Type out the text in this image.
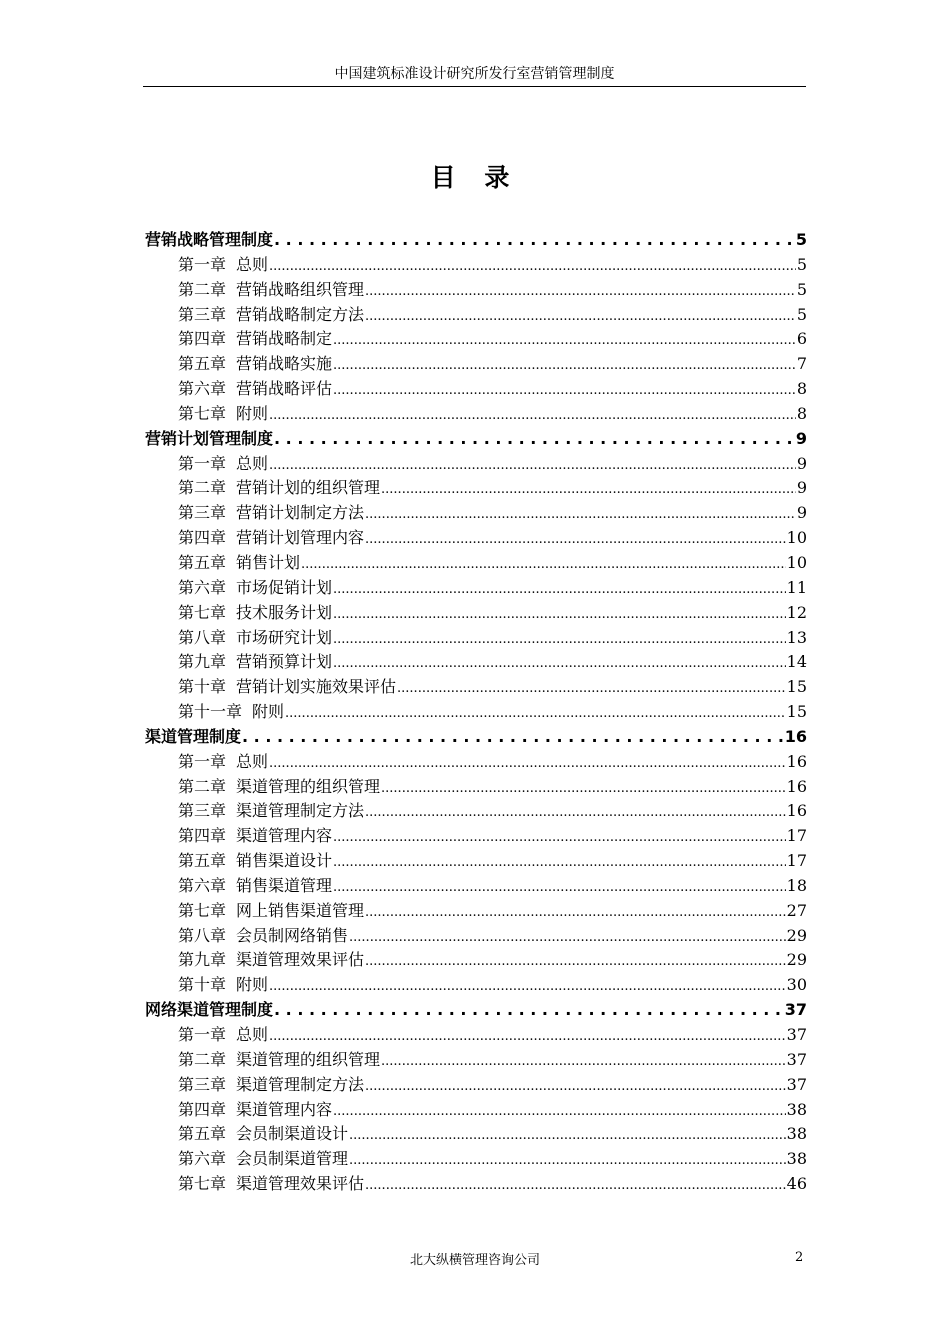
中国建筑标准设计研究所发行室营销管理制度
目 录
营销战略管理制度 . . .	5
第一章 总则 .....	5
第二章 营销战略组织管理 .....	5
第三章 营销战略制定方法 .....	5
第四章 营销战略制定 .....	6
第五章 营销战略实施 .....	7
第六章 营销战略评估 .....	8
第七章 附则 .....	8
营销计划管理制度 . . .	9
第一章 总则 .....	9
第二章 营销计划的组织管理 .....	9
第三章 营销计划制定方法 .....	9
第四章 营销计划管理内容 .....	10
第五章 销售计划 .....	10
第六章 市场促销计划 .....	11
第七章 技术服务计划 .....	12
第八章 市场研究计划 .....	13
第九章 营销预算计划 .....	14
第十章 营销计划实施效果评估 .....	15
第十一章 附则 .....	15
渠道管理制度 . . .	16
第一章 总则 .....	16
第二章 渠道管理的组织管理 .....	16
第三章 渠道管理制定方法 .....	16
第四章 渠道管理内容 .....	17
第五章 销售渠道设计 .....	17
第六章 销售渠道管理 .....	18
第七章 网上销售渠道管理 .....	27
第八章 会员制网络销售 .....	29
第九章 渠道管理效果评估 .....	29
第十章 附则 .....	30
网络渠道管理制度 . . .	37
第一章 总则 .....	37
第二章 渠道管理的组织管理 .....	37
第三章 渠道管理制定方法 .....	37
第四章 渠道管理内容 .....	38
第五章 会员制渠道设计 .....	38
第六章 会员制渠道管理 .....	38
第七章 渠道管理效果评估 .....	46
北大纵横管理咨询公司	2
